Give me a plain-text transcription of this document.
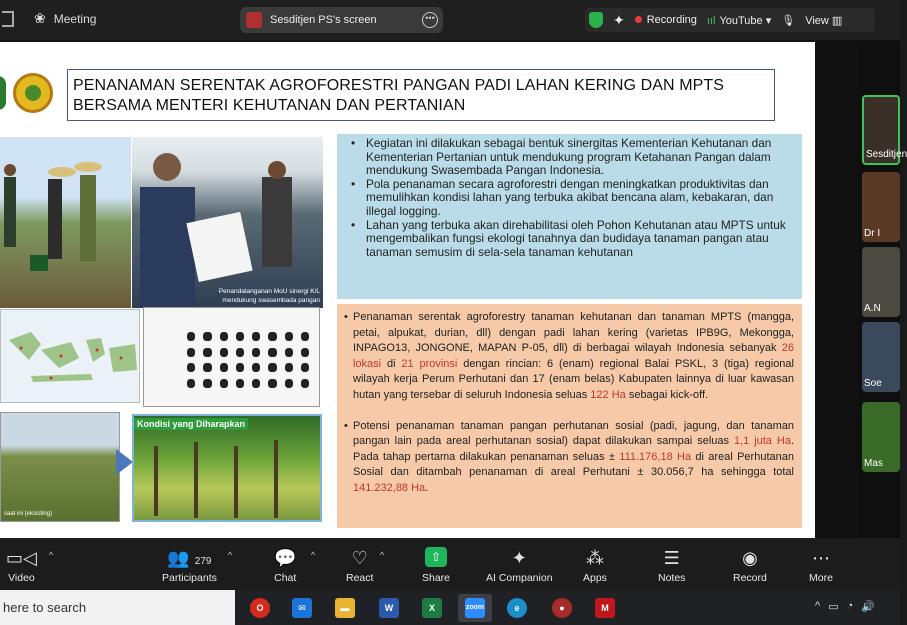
❀ Meeting	Sesditjen PS's screen	•••	✦	Recording ııl YouTube ▾ 🎙 View ▥
PENANAMAN SERENTAK AGROFORESTRI PANGAN PADI LAHAN KERING DAN MPTS BERSAMA MENTERI KEHUTANAN DAN PERTANIAN
Penandatanganan MoU sinergi K/L mendukung swasembada pangan
saat ini (eksisting)
Kondisi yang Diharapkan
• Kegiatan ini dilakukan sebagai bentuk sinergitas Kementerian Kehutanan dan Kementerian Pertanian untuk mendukung program Ketahanan Pangan dalam mendukung Swasembada Pangan Indonesia.
• Pola penanaman secara agroforestri dengan meningkatkan produktivitas dan memulihkan kondisi lahan yang terbuka akibat bencana alam, kebakaran, dan illegal logging.
• Lahan yang terbuka akan direhabilitasi oleh Pohon Kehutanan atau MPTS untuk mengembalikan fungsi ekologi tanahnya dan budidaya tanaman pangan atau tanaman semusim di sela-sela tanaman kehutanan
• Penanaman serentak agroforestry tanaman kehutanan dan tanaman MPTS (mangga, petai, alpukat, durian, dll) dengan padi lahan kering (varietas IPB9G, Mekongga, INPAGO13, JONGONE, MAPAN P-05, dll) di berbagai wilayah Indonesia sebanyak 26 lokasi di 21 provinsi dengan rincian: 6 (enam) regional Balai PSKL, 3 (tiga) regional wilayah kerja Perum Perhutani dan 17 (enam belas) Kabupaten lainnya di luar kawasan hutan yang tersebar di seluruh Indonesia seluas 122 Ha sebagai kick-off.
• Potensi penanaman tanaman pangan perhutanan sosial (padi, jagung, dan tanaman pangan lain pada areal perhutanan sosial) dapat dilakukan sampai seluas 1,1 juta Ha. Pada tahap pertama dilakukan penanaman seluas ± 111.176,18 Ha di areal Perhutanan Sosial dan ditambah penanaman di areal Perhutani ± 30.056,7 ha sehingga total 141.232,88 Ha.
Sesditjen
Dr I
A.N
Soe
Mas
▭◁
Video
^	👥 279
Participants
^ 💬
Chat
^ ♡
React
^	⇧
Share
✦
AI Companion
⁂
Apps
☰
Notes
◉
Record
⋯
More
here to search	O	✉	▬	W	X	zoom	e	●	M	^ ▭ ◔ 🔊
